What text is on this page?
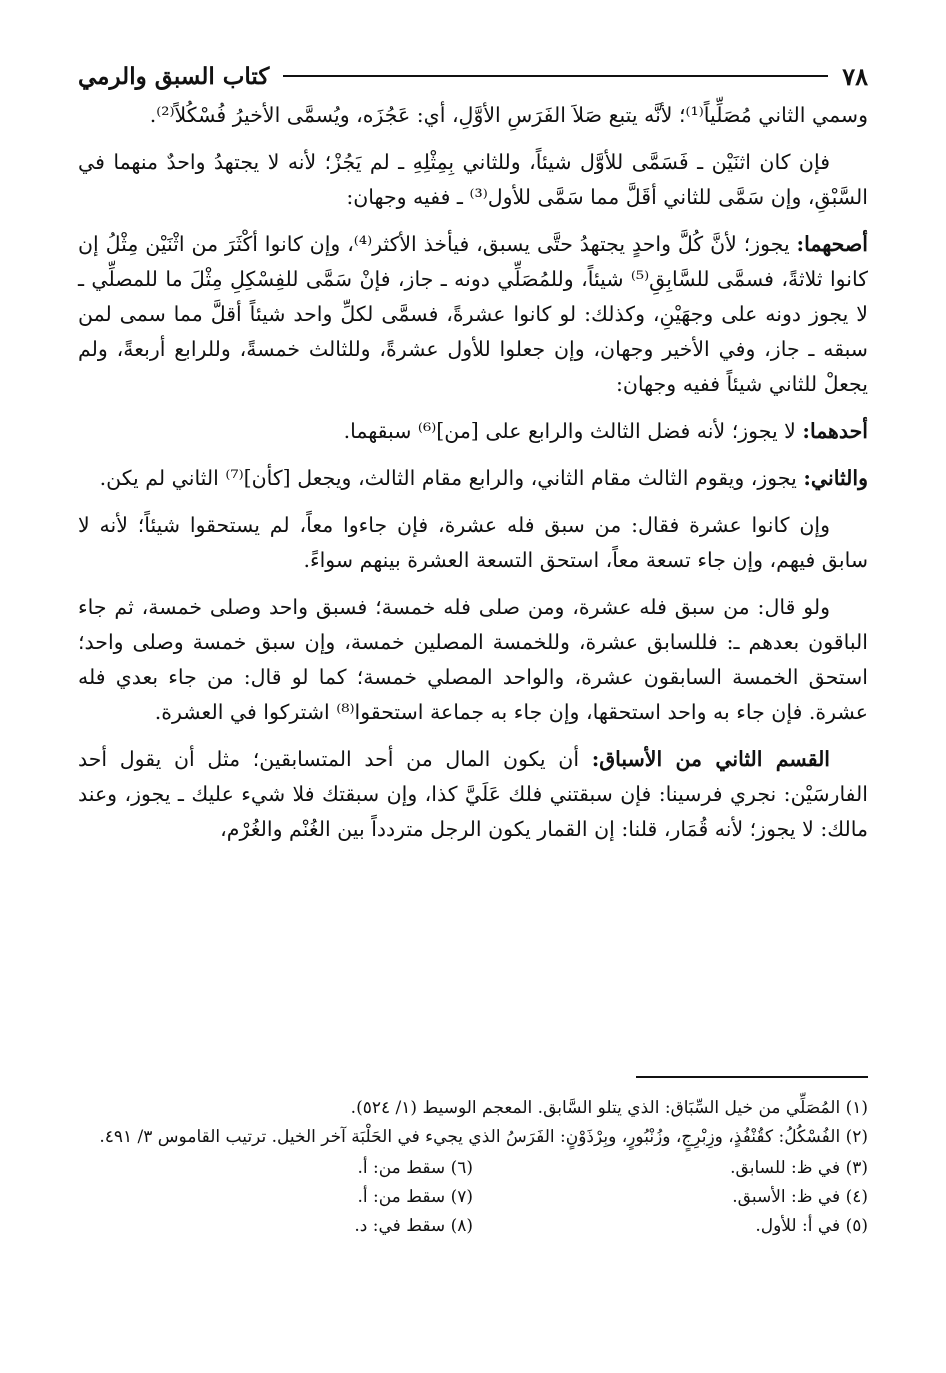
٧٨
كتاب السبق والرمي

وسمي الثاني مُصَلِّياً⁽¹⁾؛ لأنَّه يتبع صَلاَ الفَرَسِ الأوَّلِ، أي: عَجُزَه، ويُسمَّى الأخيرُ فُسْكُلاً⁽²⁾.

فإن كان اثنَيْن ـ فَسَمَّى للأوَّل شيئاً، وللثاني بِمِثْلِهِ ـ لم يَجُزْ؛ لأنه لا يجتهدُ واحدٌ منهما في السَّبْقِ، وإن سَمَّى للثاني أقَلَّ مما سَمَّى للأول⁽³⁾ ـ ففيه وجهان:

أصحهما: يجوز؛ لأنَّ كُلَّ واحدٍ يجتهدُ حتَّى يسبق، فيأخذ الأكثر⁽⁴⁾، وإن كانوا أكْثَرَ من اثْنَيْن مِثْلُ إن كانوا ثلاثةً، فسمَّى للسَّابِقِ⁽⁵⁾ شيئاً، وللمُصَلِّي دونه ـ جاز، فإنْ سَمَّى للفِسْكِلِ مِثْلَ ما للمصلِّي ـ لا يجوز دونه على وجهَيْنِ، وكذلك: لو كانوا عشرةً، فسمَّى لكلِّ واحد شيئاً أقلَّ مما سمى لمن سبقه ـ جاز، وفي الأخير وجهان، وإن جعلوا للأول عشرةً، وللثالث خمسةً، وللرابع أربعةً، ولم يجعلْ للثاني شيئاً ففيه وجهان:

أحدهما: لا يجوز؛ لأنه فضل الثالث والرابع على [من]⁽⁶⁾ سبقهما.

والثاني: يجوز، ويقوم الثالث مقام الثاني، والرابع مقام الثالث، ويجعل [كأن]⁽⁷⁾ الثاني لم يكن.

وإن كانوا عشرة فقال: من سبق فله عشرة، فإن جاءوا معاً، لم يستحقوا شيئاً؛ لأنه لا سابق فيهم، وإن جاء تسعة معاً، استحق التسعة العشرة بينهم سواءً.

ولو قال: من سبق فله عشرة، ومن صلى فله خمسة؛ فسبق واحد وصلى خمسة، ثم جاء الباقون بعدهم ـ: فللسابق عشرة، وللخمسة المصلين خمسة، وإن سبق خمسة وصلى واحد؛ استحق الخمسة السابقون عشرة، والواحد المصلي خمسة؛ كما لو قال: من جاء بعدي فله عشرة. فإن جاء به واحد استحقها، وإن جاء به جماعة استحقوا⁽⁸⁾ اشتركوا في العشرة.

القسم الثاني من الأسباق: أن يكون المال من أحد المتسابقين؛ مثل أن يقول أحد الفارسَيْن: نجري فرسينا: فإن سبقتني فلك عَلَيَّ كذا، وإن سبقتك فلا شيء عليك ـ يجوز، وعند مالك: لا يجوز؛ لأنه قُمَار، قلنا: إن القمار يكون الرجل متردداً بين الغُنْم والغُرْم،

(١) المُصَلِّي من خيل السِّبَاق: الذي يتلو السَّابق. المعجم الوسيط (١/ ٥٢٤).
(٢) الفُسْكُلُ: كقُنْفُذٍ، وزِبْرِجٍ، وزُنْبُورٍ، وبِرْذَوْنٍ: الفَرَسُ الذي يجيء في الحَلْبَة آخر الخيل. ترتيب القاموس ٣/ ٤٩١.
(٣) في ظ: للسابق.
(٤) في ظ: الأسبق.
(٥) في أ: للأول.
(٦) سقط من: أ.
(٧) سقط من: أ.
(٨) سقط في: د.
